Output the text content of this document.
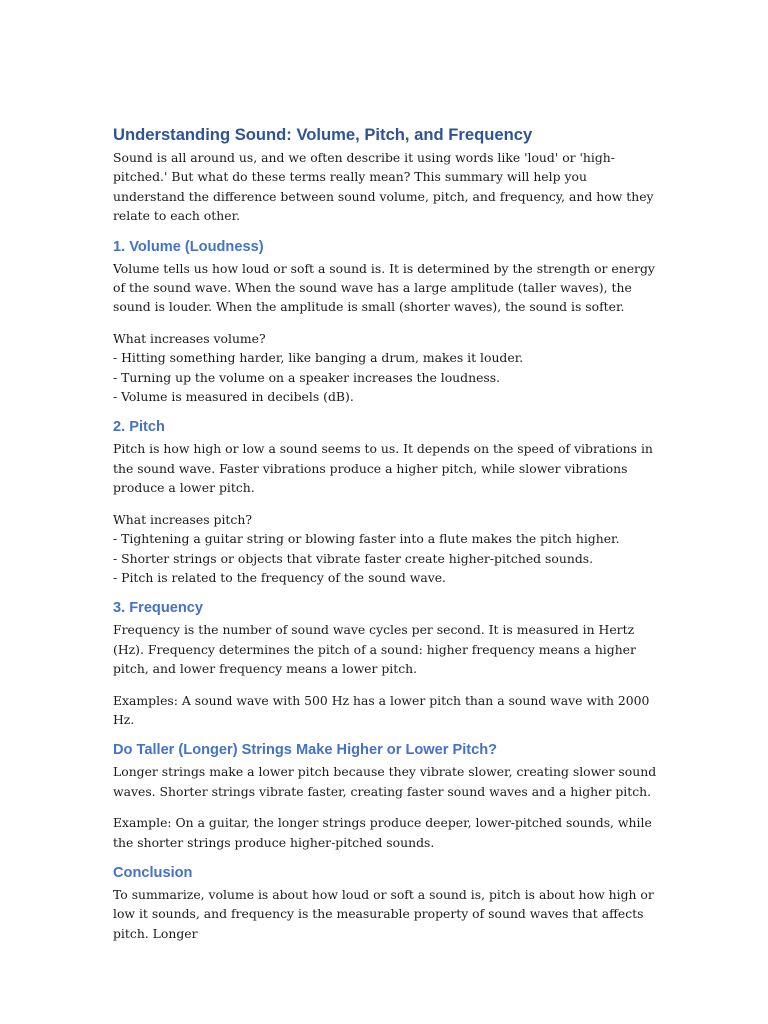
Understanding Sound: Volume, Pitch, and Frequency

Sound is all around us, and we often describe it using words like 'loud' or 'high-pitched.' But what do these terms really mean? This summary will help you understand the difference between sound volume, pitch, and frequency, and how they relate to each other.

1. Volume (Loudness)

Volume tells us how loud or soft a sound is. It is determined by the strength or energy of the sound wave. When the sound wave has a large amplitude (taller waves), the sound is louder. When the amplitude is small (shorter waves), the sound is softer.

What increases volume?
- Hitting something harder, like banging a drum, makes it louder.
- Turning up the volume on a speaker increases the loudness.
- Volume is measured in decibels (dB).

2. Pitch

Pitch is how high or low a sound seems to us. It depends on the speed of vibrations in the sound wave. Faster vibrations produce a higher pitch, while slower vibrations produce a lower pitch.

What increases pitch?
- Tightening a guitar string or blowing faster into a flute makes the pitch higher.
- Shorter strings or objects that vibrate faster create higher-pitched sounds.
- Pitch is related to the frequency of the sound wave.

3. Frequency

Frequency is the number of sound wave cycles per second. It is measured in Hertz (Hz). Frequency determines the pitch of a sound: higher frequency means a higher pitch, and lower frequency means a lower pitch.

Examples: A sound wave with 500 Hz has a lower pitch than a sound wave with 2000 Hz.

Do Taller (Longer) Strings Make Higher or Lower Pitch?

Longer strings make a lower pitch because they vibrate slower, creating slower sound waves. Shorter strings vibrate faster, creating faster sound waves and a higher pitch.

Example: On a guitar, the longer strings produce deeper, lower-pitched sounds, while the shorter strings produce higher-pitched sounds.

Conclusion

To summarize, volume is about how loud or soft a sound is, pitch is about how high or low it sounds, and frequency is the measurable property of sound waves that affects pitch. Longer
